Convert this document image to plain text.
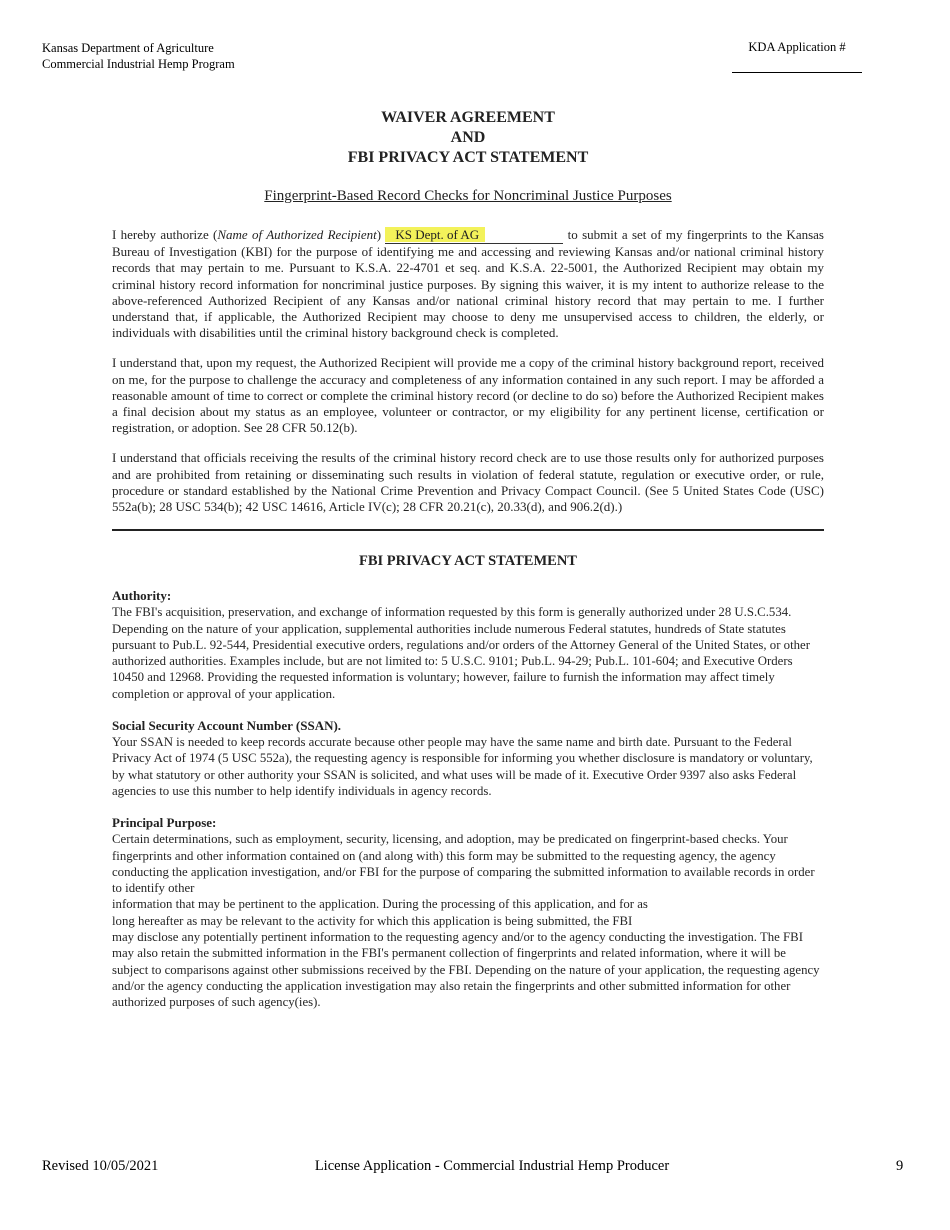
Kansas Department of Agriculture
Commercial Industrial Hemp Program
KDA Application #
WAIVER AGREEMENT
AND
FBI PRIVACY ACT STATEMENT
Fingerprint-Based Record Checks for Noncriminal Justice Purposes
I hereby authorize (Name of Authorized Recipient) KS Dept. of AG	to submit a set of my fingerprints to the Kansas Bureau of Investigation (KBI) for the purpose of identifying me and accessing and reviewing Kansas and/or national criminal history records that may pertain to me. Pursuant to K.S.A. 22-4701 et seq. and K.S.A. 22-5001, the Authorized Recipient may obtain my criminal history record information for noncriminal justice purposes. By signing this waiver, it is my intent to authorize release to the above-referenced Authorized Recipient of any Kansas and/or national criminal history record that may pertain to me. I further understand that, if applicable, the Authorized Recipient may choose to deny me unsupervised access to children, the elderly, or individuals with disabilities until the criminal history background check is completed.
I understand that, upon my request, the Authorized Recipient will provide me a copy of the criminal history background report, received on me, for the purpose to challenge the accuracy and completeness of any information contained in any such report. I may be afforded a reasonable amount of time to correct or complete the criminal history record (or decline to do so) before the Authorized Recipient makes a final decision about my status as an employee, volunteer or contractor, or my eligibility for any pertinent license, certification or registration, or adoption. See 28 CFR 50.12(b).
I understand that officials receiving the results of the criminal history record check are to use those results only for authorized purposes and are prohibited from retaining or disseminating such results in violation of federal statute, regulation or executive order, or rule, procedure or standard established by the National Crime Prevention and Privacy Compact Council. (See 5 United States Code (USC) 552a(b); 28 USC 534(b); 42 USC 14616, Article IV(c); 28 CFR 20.21(c), 20.33(d), and 906.2(d).)
FBI PRIVACY ACT STATEMENT
Authority:
The FBI's acquisition, preservation, and exchange of information requested by this form is generally authorized under 28 U.S.C.534. Depending on the nature of your application, supplemental authorities include numerous Federal statutes, hundreds of State statutes pursuant to Pub.L. 92-544, Presidential executive orders, regulations and/or orders of the Attorney General of the United States, or other authorized authorities. Examples include, but are not limited to: 5 U.S.C. 9101; Pub.L. 94-29; Pub.L. 101-604; and Executive Orders 10450 and 12968. Providing the requested information is voluntary; however, failure to furnish the information may affect timely completion or approval of your application.
Social Security Account Number (SSAN).
Your SSAN is needed to keep records accurate because other people may have the same name and birth date. Pursuant to the Federal Privacy Act of 1974 (5 USC 552a), the requesting agency is responsible for informing you whether disclosure is mandatory or voluntary, by what statutory or other authority your SSAN is solicited, and what uses will be made of it. Executive Order 9397 also asks Federal agencies to use this number to help identify individuals in agency records.
Principal Purpose:
Certain determinations, such as employment, security, licensing, and adoption, may be predicated on fingerprint-based checks. Your fingerprints and other information contained on (and along with) this form may be submitted to the requesting agency, the agency conducting the application investigation, and/or FBI for the purpose of comparing the submitted information to available records in order to identify other
information that may be pertinent to the application. During the processing of this application, and for as
long hereafter as may be relevant to the activity for which this application is being submitted, the FBI
may disclose any potentially pertinent information to the requesting agency and/or to the agency conducting the investigation. The FBI may also retain the submitted information in the FBI's permanent collection of fingerprints and related information, where it will be subject to comparisons against other submissions received by the FBI. Depending on the nature of your application, the requesting agency and/or the agency conducting the application investigation may also retain the fingerprints and other submitted information for other authorized purposes of such agency(ies).
Revised 10/05/2021	License Application - Commercial Industrial Hemp Producer	9
